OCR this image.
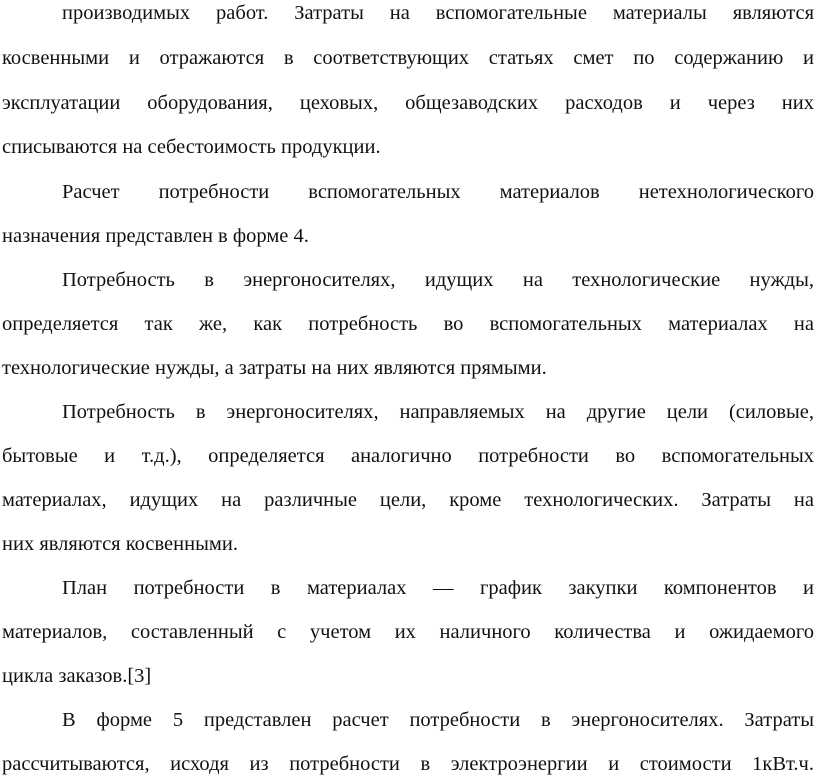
производимых работ. Затраты на вспомогательные материалы являются
косвенными и отражаются в соответствующих статьях смет по содержанию и
эксплуатации оборудования, цеховых, общезаводских расходов и через них
списываются на себестоимость продукции.
Расчет потребности вспомогательных материалов нетехнологического
назначения представлен в форме 4.
Потребность в энергоносителях, идущих на технологические нужды,
определяется так же, как потребность во вспомогательных материалах на
технологические нужды, а затраты на них являются прямыми.
Потребность в энергоносителях, направляемых на другие цели (силовые,
бытовые и т.д.), определяется аналогично потребности во вспомогательных
материалах, идущих на различные цели, кроме технологических. Затраты на
них являются косвенными.
План потребности в материалах — график закупки компонентов и
материалов, составленный с учетом их наличного количества и ожидаемого
цикла заказов.[3]
В форме 5 представлен расчет потребности в энергоносителях. Затраты
рассчитываются, исходя из потребности в электроэнергии и стоимости 1кВт.ч.
